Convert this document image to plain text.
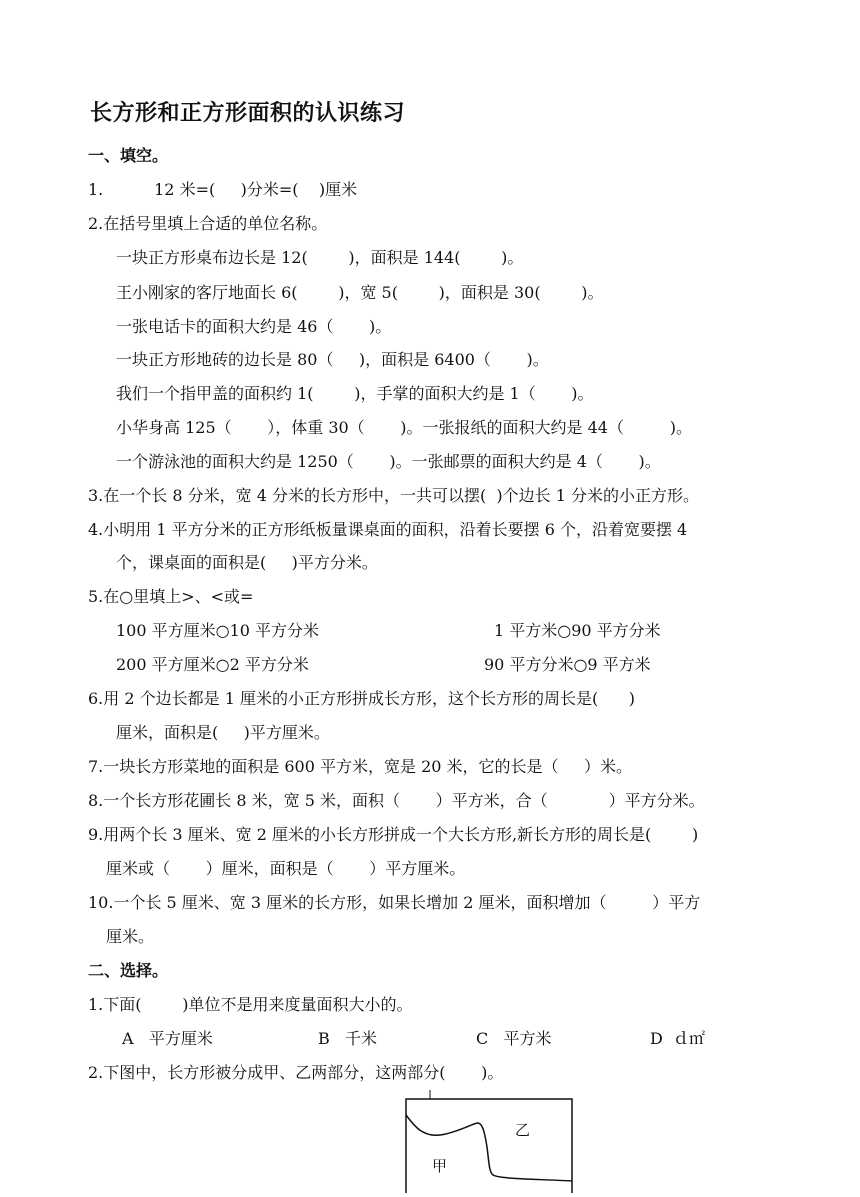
长方形和正方形面积的认识练习
一、填空。
1.          12 米=(     )分米=(    )厘米
2.在括号里填上合适的单位名称。
一块正方形桌布边长是 12(        )，面积是 144(        )。
王小刚家的客厅地面长 6(        )，宽 5(        )，面积是 30(        )。
一张电话卡的面积大约是 46（       )。
一块正方形地砖的边长是 80（     )，面积是 6400（       )。
我们一个指甲盖的面积约 1(        )，手掌的面积大约是 1（       )。
小华身高 125（       ），体重 30（       )。一张报纸的面积大约是 44（         )。
一个游泳池的面积大约是 1250（       )。一张邮票的面积大约是 4（       )。
3.在一个长 8 分米，宽 4 分米的长方形中，一共可以摆(  )个边长 1 分米的小正方形。
4.小明用 1 平方分米的正方形纸板量课桌面的面积，沿着长要摆 6 个，沿着宽要摆 4
个，课桌面的面积是(     )平方分米。
5.在○里填上>、<或=
100 平方厘米○10 平方分米	1 平方米○90 平方分米
200 平方厘米○2 平方分米	90 平方分米○9 平方米
6.用 2 个边长都是 1 厘米的小正方形拼成长方形，这个长方形的周长是(      )
厘米，面积是(     )平方厘米。
7.一块长方形菜地的面积是 600 平方米，宽是 20 米，它的长是（     ）米。
8.一个长方形花圃长 8 米，宽 5 米，面积（       ）平方米，合（            ）平方分米。
9.用两个长 3 厘米、宽 2 厘米的小长方形拼成一个大长方形,新长方形的周长是(        )
厘米或（       ）厘米，面积是（       ）平方厘米。
10.一个长 5 厘米、宽 3 厘米的长方形，如果长增加 2 厘米，面积增加（         ）平方
厘米。
二、选择。
1.下面(        )单位不是用来度量面积大小的。
A   平方厘米	B   千米	C   平方米	D  ｄ㎡
2.下图中，长方形被分成甲、乙两部分，这两部分(       )。
乙
甲
